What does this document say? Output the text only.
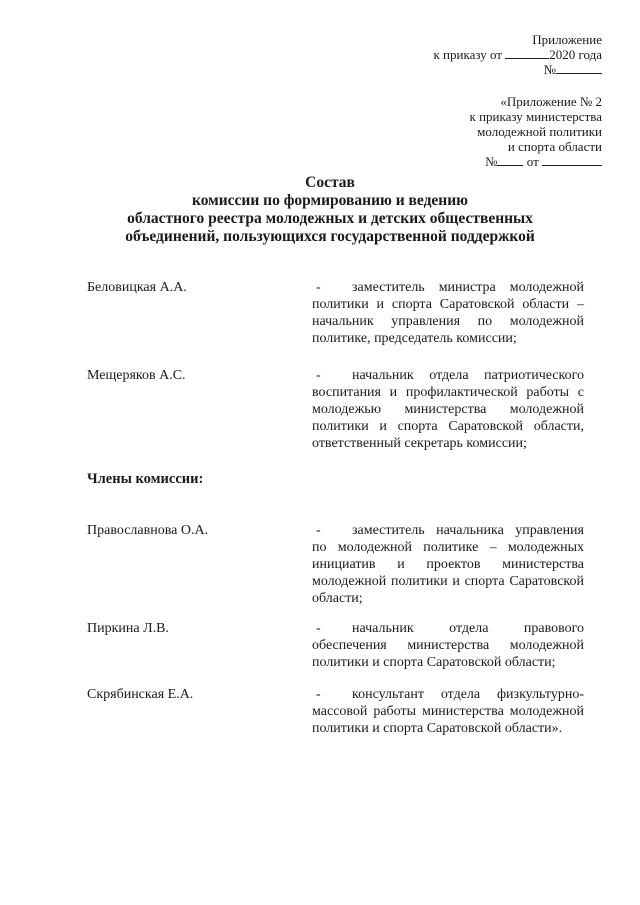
Приложение
к приказу от	2020 года
№
«Приложение № 2
к приказу министерства
молодежной политики
и спорта области
№ от
Состав
комиссии по формированию и ведению
областного реестра молодежных и детских общественных
объединений, пользующихся государственной поддержкой
Беловицкая А.А.	-	заместитель министра молодежной политики и спорта Саратовской области – начальник управления по молодежной политике, председатель комиссии;
Мещеряков А.С.	-	начальник отдела патриотического воспитания и профилактической работы с молодежью министерства молодежной политики и спорта Саратовской области, ответственный секретарь комиссии;
Члены комиссии:
Православнова О.А.	-	заместитель начальника управления по молодежной политике – молодежных инициатив и проектов министерства молодежной политики и спорта Саратовской области;
Пиркина Л.В.	-	начальник отдела правового обеспечения министерства молодежной политики и спорта Саратовской области;
Скрябинская Е.А.	-	консультант отдела физкультурно-массовой работы министерства молодежной политики и спорта Саратовской области».
